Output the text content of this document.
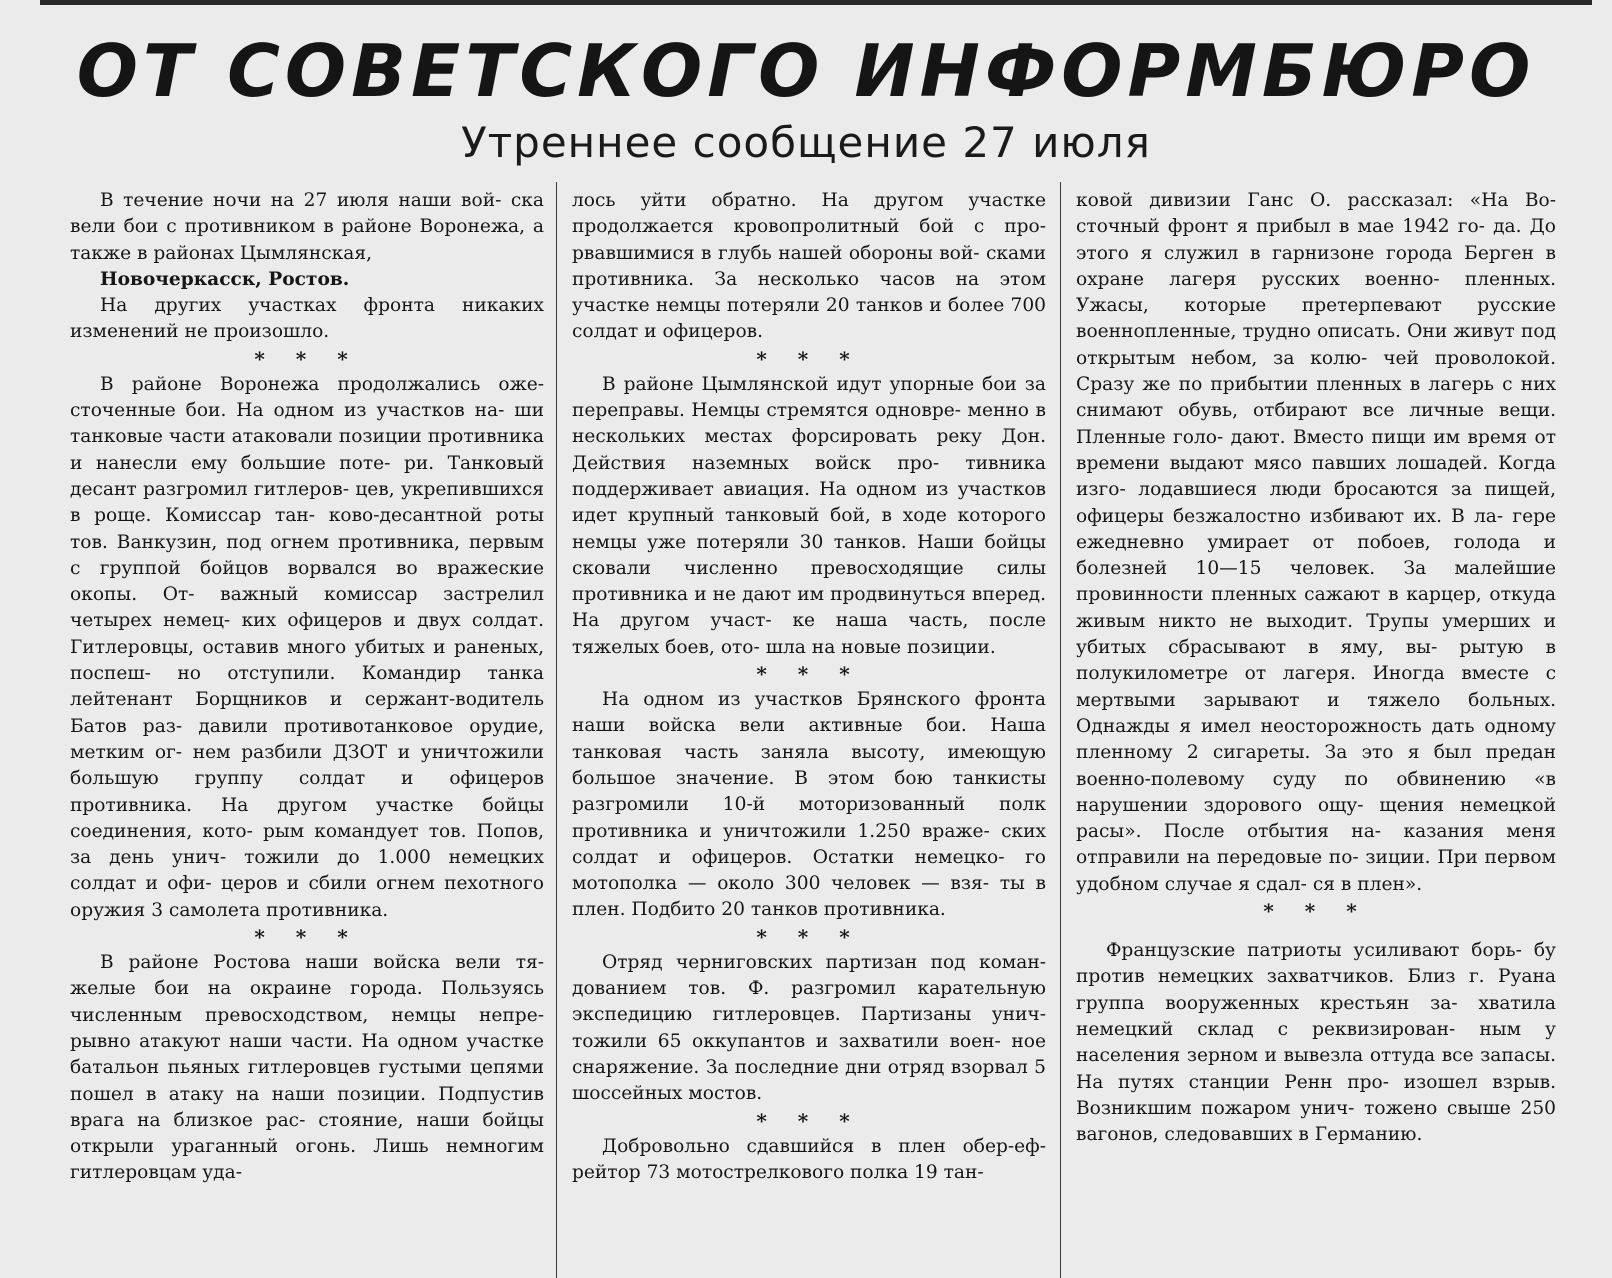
ОТ СОВЕТСКОГО ИНФОРМБЮРО
Утреннее сообщение 27 июля

В течение ночи на 27 июля наши вой- ска вели бои с противником в районе Воронежа, а также в районах Цымлянская,

Новочеркасск, Ростов.

На других участках фронта никаких изменений не произошло.

* * *

В районе Воронежа продолжались оже- сточенные бои. На одном из участков на- ши танковые части атаковали позиции противника и нанесли ему большие поте- ри. Танковый десант разгромил гитлеров- цев, укрепившихся в роще. Комиссар тан- ково-десантной роты тов. Ванкузин, под огнем противника, первым с группой бойцов ворвался во вражеские окопы. От- важный комиссар застрелил четырех немец- ких офицеров и двух солдат. Гитлеровцы, оставив много убитых и раненых, поспеш- но отступили. Командир танка лейтенант Борщников и сержант-водитель Батов раз- давили противотанковое орудие, метким ог- нем разбили ДЗОТ и уничтожили большую группу солдат и офицеров противника. На другом участке бойцы соединения, кото- рым командует тов. Попов, за день унич- тожили до 1.000 немецких солдат и офи- церов и сбили огнем пехотного оружия 3 самолета противника.

* * *

В районе Ростова наши войска вели тя- желые бои на окраине города. Пользуясь численным превосходством, немцы непре- рывно атакуют наши части. На одном участке батальон пьяных гитлеровцев густыми цепями пошел в атаку на наши позиции. Подпустив врага на близкое рас- стояние, наши бойцы открыли ураганный огонь. Лишь немногим гитлеровцам уда-

лось уйти обратно. На другом участке продолжается кровопролитный бой с про- рвавшимися в глубь нашей обороны вой- сками противника. За несколько часов на этом участке немцы потеряли 20 танков и более 700 солдат и офицеров.

* * *

В районе Цымлянской идут упорные бои за переправы. Немцы стремятся одновре- менно в нескольких местах форсировать реку Дон. Действия наземных войск про- тивника поддерживает авиация. На одном из участков идет крупный танковый бой, в ходе которого немцы уже потеряли 30 танков. Наши бойцы сковали численно превосходящие силы противника и не дают им продвинуться вперед. На другом участ- ке наша часть, после тяжелых боев, ото- шла на новые позиции.

* * *

На одном из участков Брянского фронта наши войска вели активные бои. Наша танковая часть заняла высоту, имеющую большое значение. В этом бою танкисты разгромили 10-й моторизованный полк противника и уничтожили 1.250 враже- ских солдат и офицеров. Остатки немецко- го мотополка — около 300 человек — взя- ты в плен. Подбито 20 танков противника.

* * *

Отряд черниговских партизан под коман- дованием тов. Ф. разгромил карательную экспедицию гитлеровцев. Партизаны унич- тожили 65 оккупантов и захватили воен- ное снаряжение. За последние дни отряд взорвал 5 шоссейных мостов.

* * *

Добровольно сдавшийся в плен обер-еф- рейтор 73 мотострелкового полка 19 тан-

ковой дивизии Ганс О. рассказал: «На Во- сточный фронт я прибыл в мае 1942 го- да. До этого я служил в гарнизоне города Берген в охране лагеря русских военно- пленных. Ужасы, которые претерпевают русские военнопленные, трудно описать. Они живут под открытым небом, за колю- чей проволокой. Сразу же по прибытии пленных в лагерь с них снимают обувь, отбирают все личные вещи. Пленные голо- дают. Вместо пищи им время от времени выдают мясо павших лошадей. Когда изго- лодавшиеся люди бросаются за пищей, офицеры безжалостно избивают их. В ла- гере ежедневно умирает от побоев, голода и болезней 10—15 человек. За малейшие провинности пленных сажают в карцер, откуда живым никто не выходит. Трупы умерших и убитых сбрасывают в яму, вы- рытую в полукилометре от лагеря. Иногда вместе с мертвыми зарывают и тяжело больных. Однажды я имел неосторожность дать одному пленному 2 сигареты. За это я был предан военно-полевому суду по обвинению «в нарушении здорового ощу- щения немецкой расы». После отбытия на- казания меня отправили на передовые по- зиции. При первом удобном случае я сдал- ся в плен».

* * *

Французские патриоты усиливают борь- бу против немецких захватчиков. Близ г. Руана группа вооруженных крестьян за- хватила немецкий склад с реквизирован- ным у населения зерном и вывезла оттуда все запасы. На путях станции Ренн про- изошел взрыв. Возникшим пожаром унич- тожено свыше 250 вагонов, следовавших в Германию.
